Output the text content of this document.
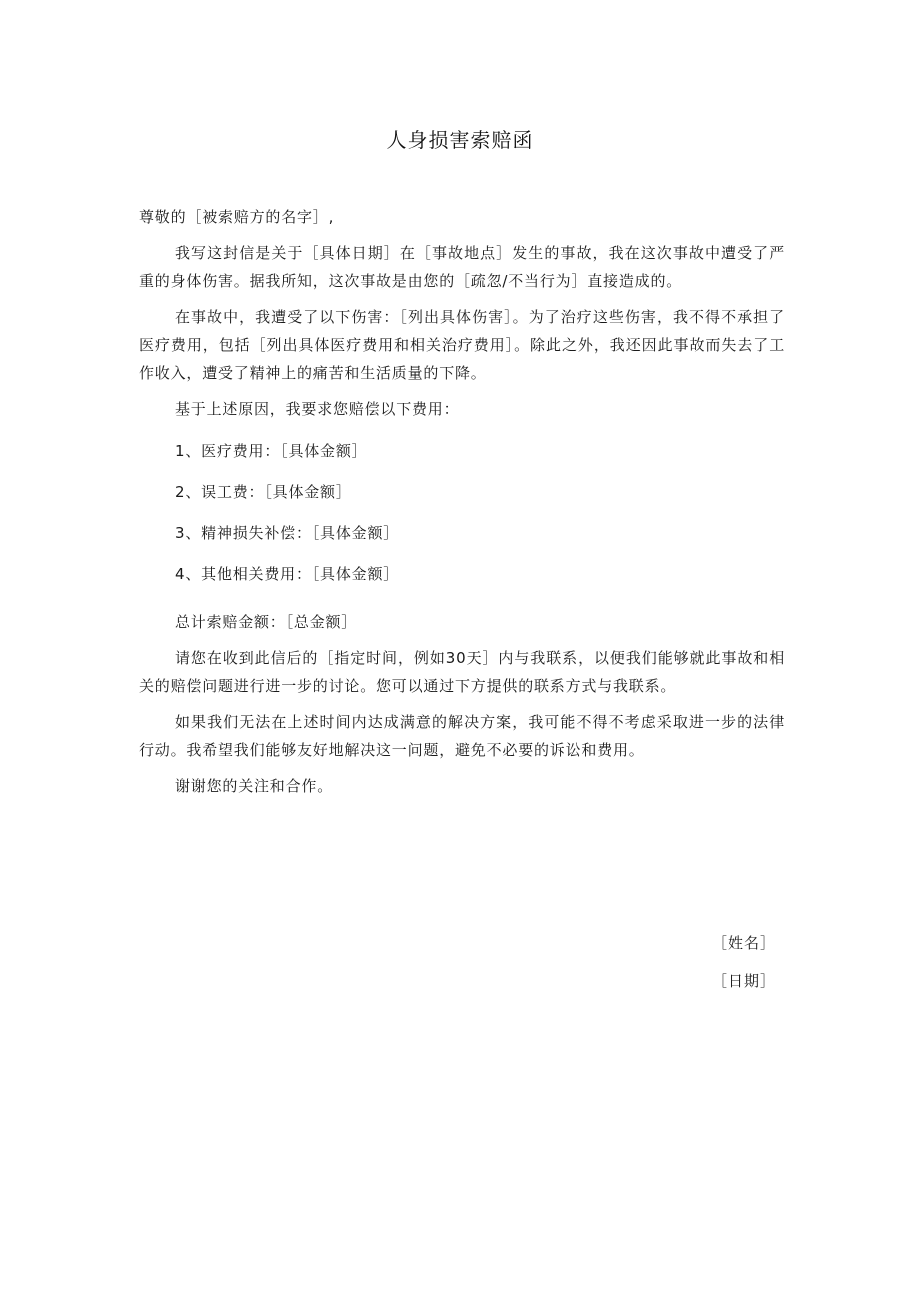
人身损害索赔函

尊敬的［被索赔方的名字］,

我写这封信是关于［具体日期］在［事故地点］发生的事故，我在这次事故中遭受了严重的身体伤害。据我所知，这次事故是由您的［疏忽/不当行为］直接造成的。

在事故中，我遭受了以下伤害：［列出具体伤害］。为了治疗这些伤害，我不得不承担了医疗费用，包括［列出具体医疗费用和相关治疗费用］。除此之外，我还因此事故而失去了工作收入，遭受了精神上的痛苦和生活质量的下降。

基于上述原因，我要求您赔偿以下费用：

1、医疗费用：［具体金额］

2、误工费：［具体金额］

3、精神损失补偿：［具体金额］

4、其他相关费用：［具体金额］

总计索赔金额：［总金额］

请您在收到此信后的［指定时间，例如30天］内与我联系，以便我们能够就此事故和相关的赔偿问题进行进一步的讨论。您可以通过下方提供的联系方式与我联系。

如果我们无法在上述时间内达成满意的解决方案，我可能不得不考虑采取进一步的法律行动。我希望我们能够友好地解决这一问题，避免不必要的诉讼和费用。

谢谢您的关注和合作。

［姓名］
［日期］
